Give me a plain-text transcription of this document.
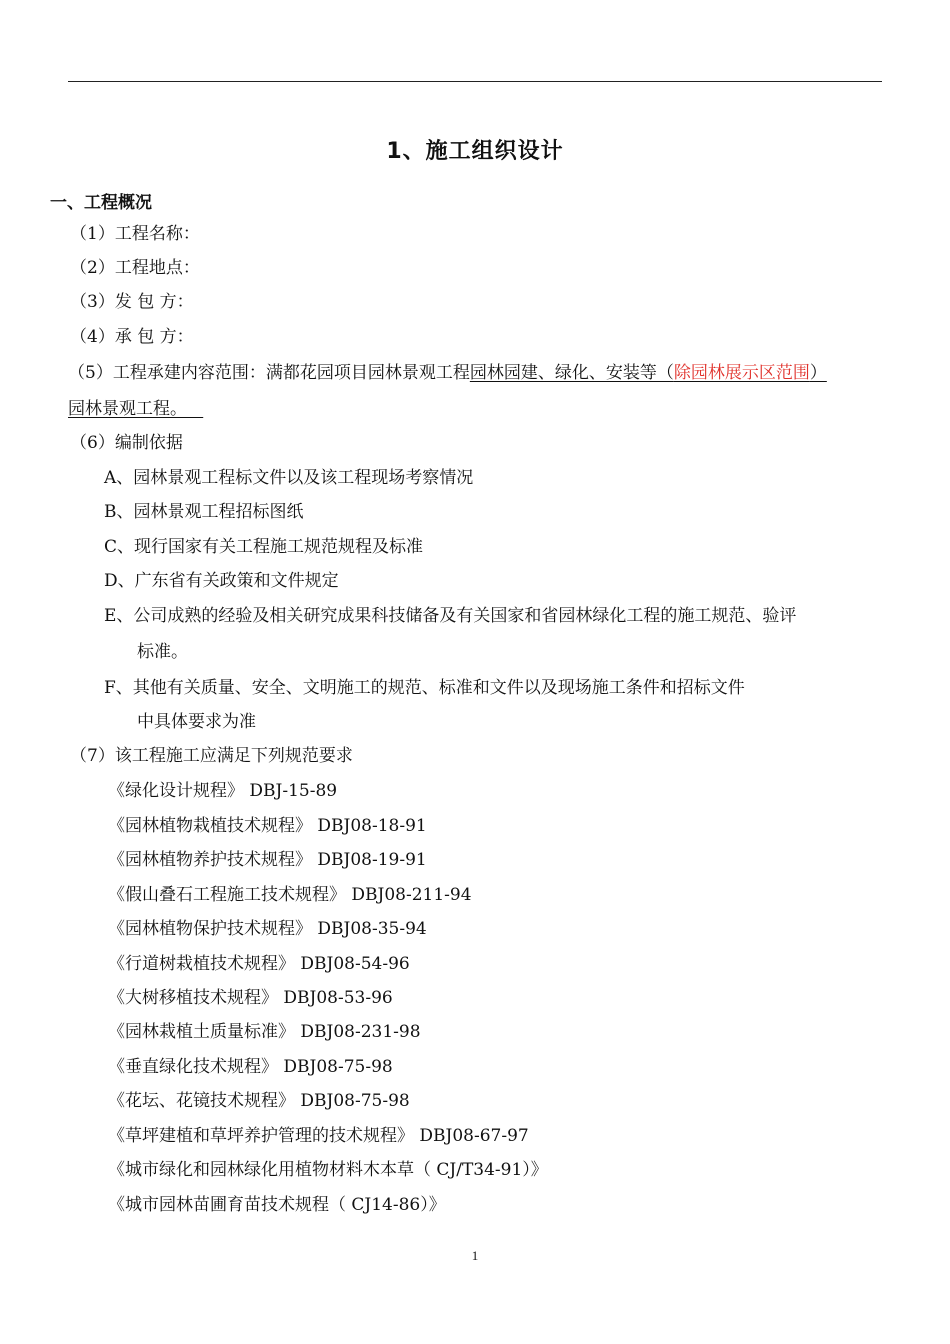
1、施工组织设计
一、工程概况
（1）工程名称：
（2）工程地点：
（3）发 包 方：
（4）承 包 方：
（5）工程承建内容范围：满都花园项目园林景观工程园林园建、绿化、安装等（除园林展示区范围）
园林景观工程。
（6）编制依据
A、园林景观工程标文件以及该工程现场考察情况
B、园林景观工程招标图纸
C、现行国家有关工程施工规范规程及标准
D、广东省有关政策和文件规定
E、公司成熟的经验及相关研究成果科技储备及有关国家和省园林绿化工程的施工规范、验评
标准。
F、其他有关质量、安全、文明施工的规范、标准和文件以及现场施工条件和招标文件
中具体要求为准
（7）该工程施工应满足下列规范要求
《绿化设计规程》 DBJ-15-89
《园林植物栽植技术规程》 DBJ08-18-91
《园林植物养护技术规程》 DBJ08-19-91
《假山叠石工程施工技术规程》 DBJ08-211-94
《园林植物保护技术规程》 DBJ08-35-94
《行道树栽植技术规程》 DBJ08-54-96
《大树移植技术规程》 DBJ08-53-96
《园林栽植土质量标准》 DBJ08-231-98
《垂直绿化技术规程》 DBJ08-75-98
《花坛、花镜技术规程》 DBJ08-75-98
《草坪建植和草坪养护管理的技术规程》 DBJ08-67-97
《城市绿化和园林绿化用植物材料木本草（ CJ/T34-91）》
《城市园林苗圃育苗技术规程（ CJ14-86）》
1
